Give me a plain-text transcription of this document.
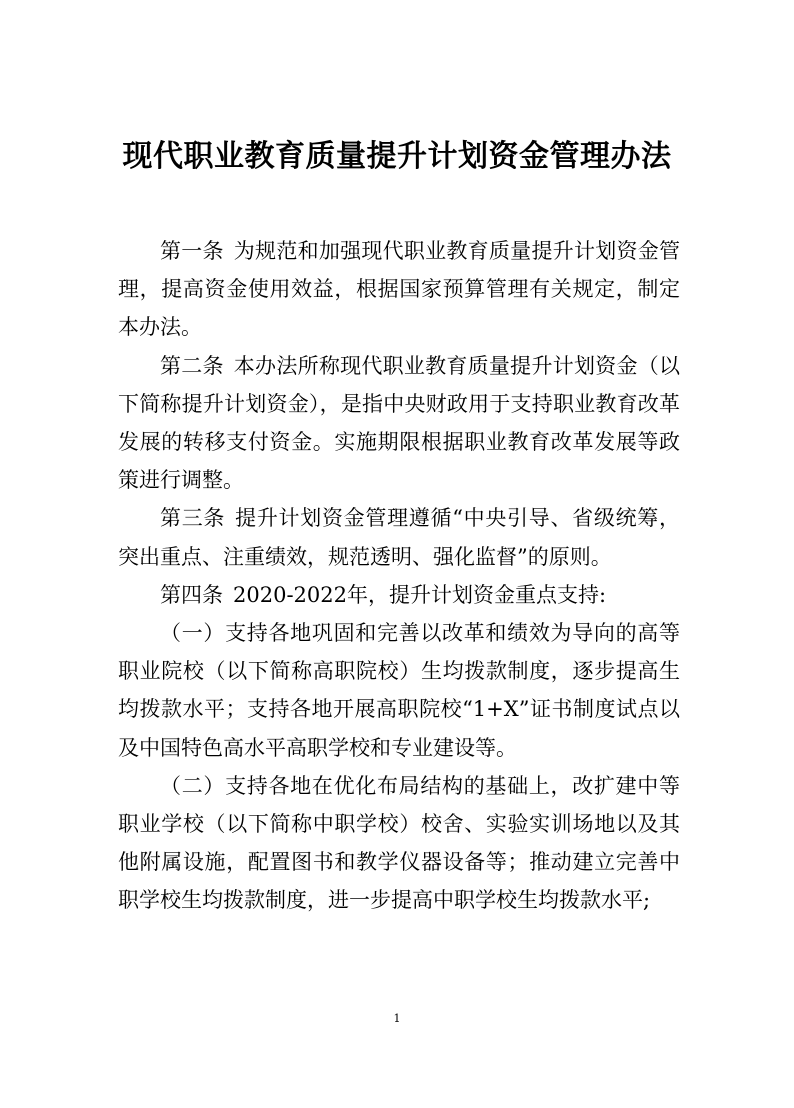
现代职业教育质量提升计划资金管理办法

第一条 为规范和加强现代职业教育质量提升计划资金管理，提高资金使用效益，根据国家预算管理有关规定，制定本办法。

第二条 本办法所称现代职业教育质量提升计划资金（以下简称提升计划资金），是指中央财政用于支持职业教育改革发展的转移支付资金。实施期限根据职业教育改革发展等政策进行调整。

第三条 提升计划资金管理遵循“中央引导、省级统筹，突出重点、注重绩效，规范透明、强化监督”的原则。

第四条 2020-2022年，提升计划资金重点支持:

（一）支持各地巩固和完善以改革和绩效为导向的高等职业院校（以下简称高职院校）生均拨款制度，逐步提高生均拨款水平；支持各地开展高职院校“1+X”证书制度试点以及中国特色高水平高职学校和专业建设等。

（二）支持各地在优化布局结构的基础上，改扩建中等职业学校（以下简称中职学校）校舍、实验实训场地以及其他附属设施，配置图书和教学仪器设备等；推动建立完善中职学校生均拨款制度，进一步提高中职学校生均拨款水平;

1
